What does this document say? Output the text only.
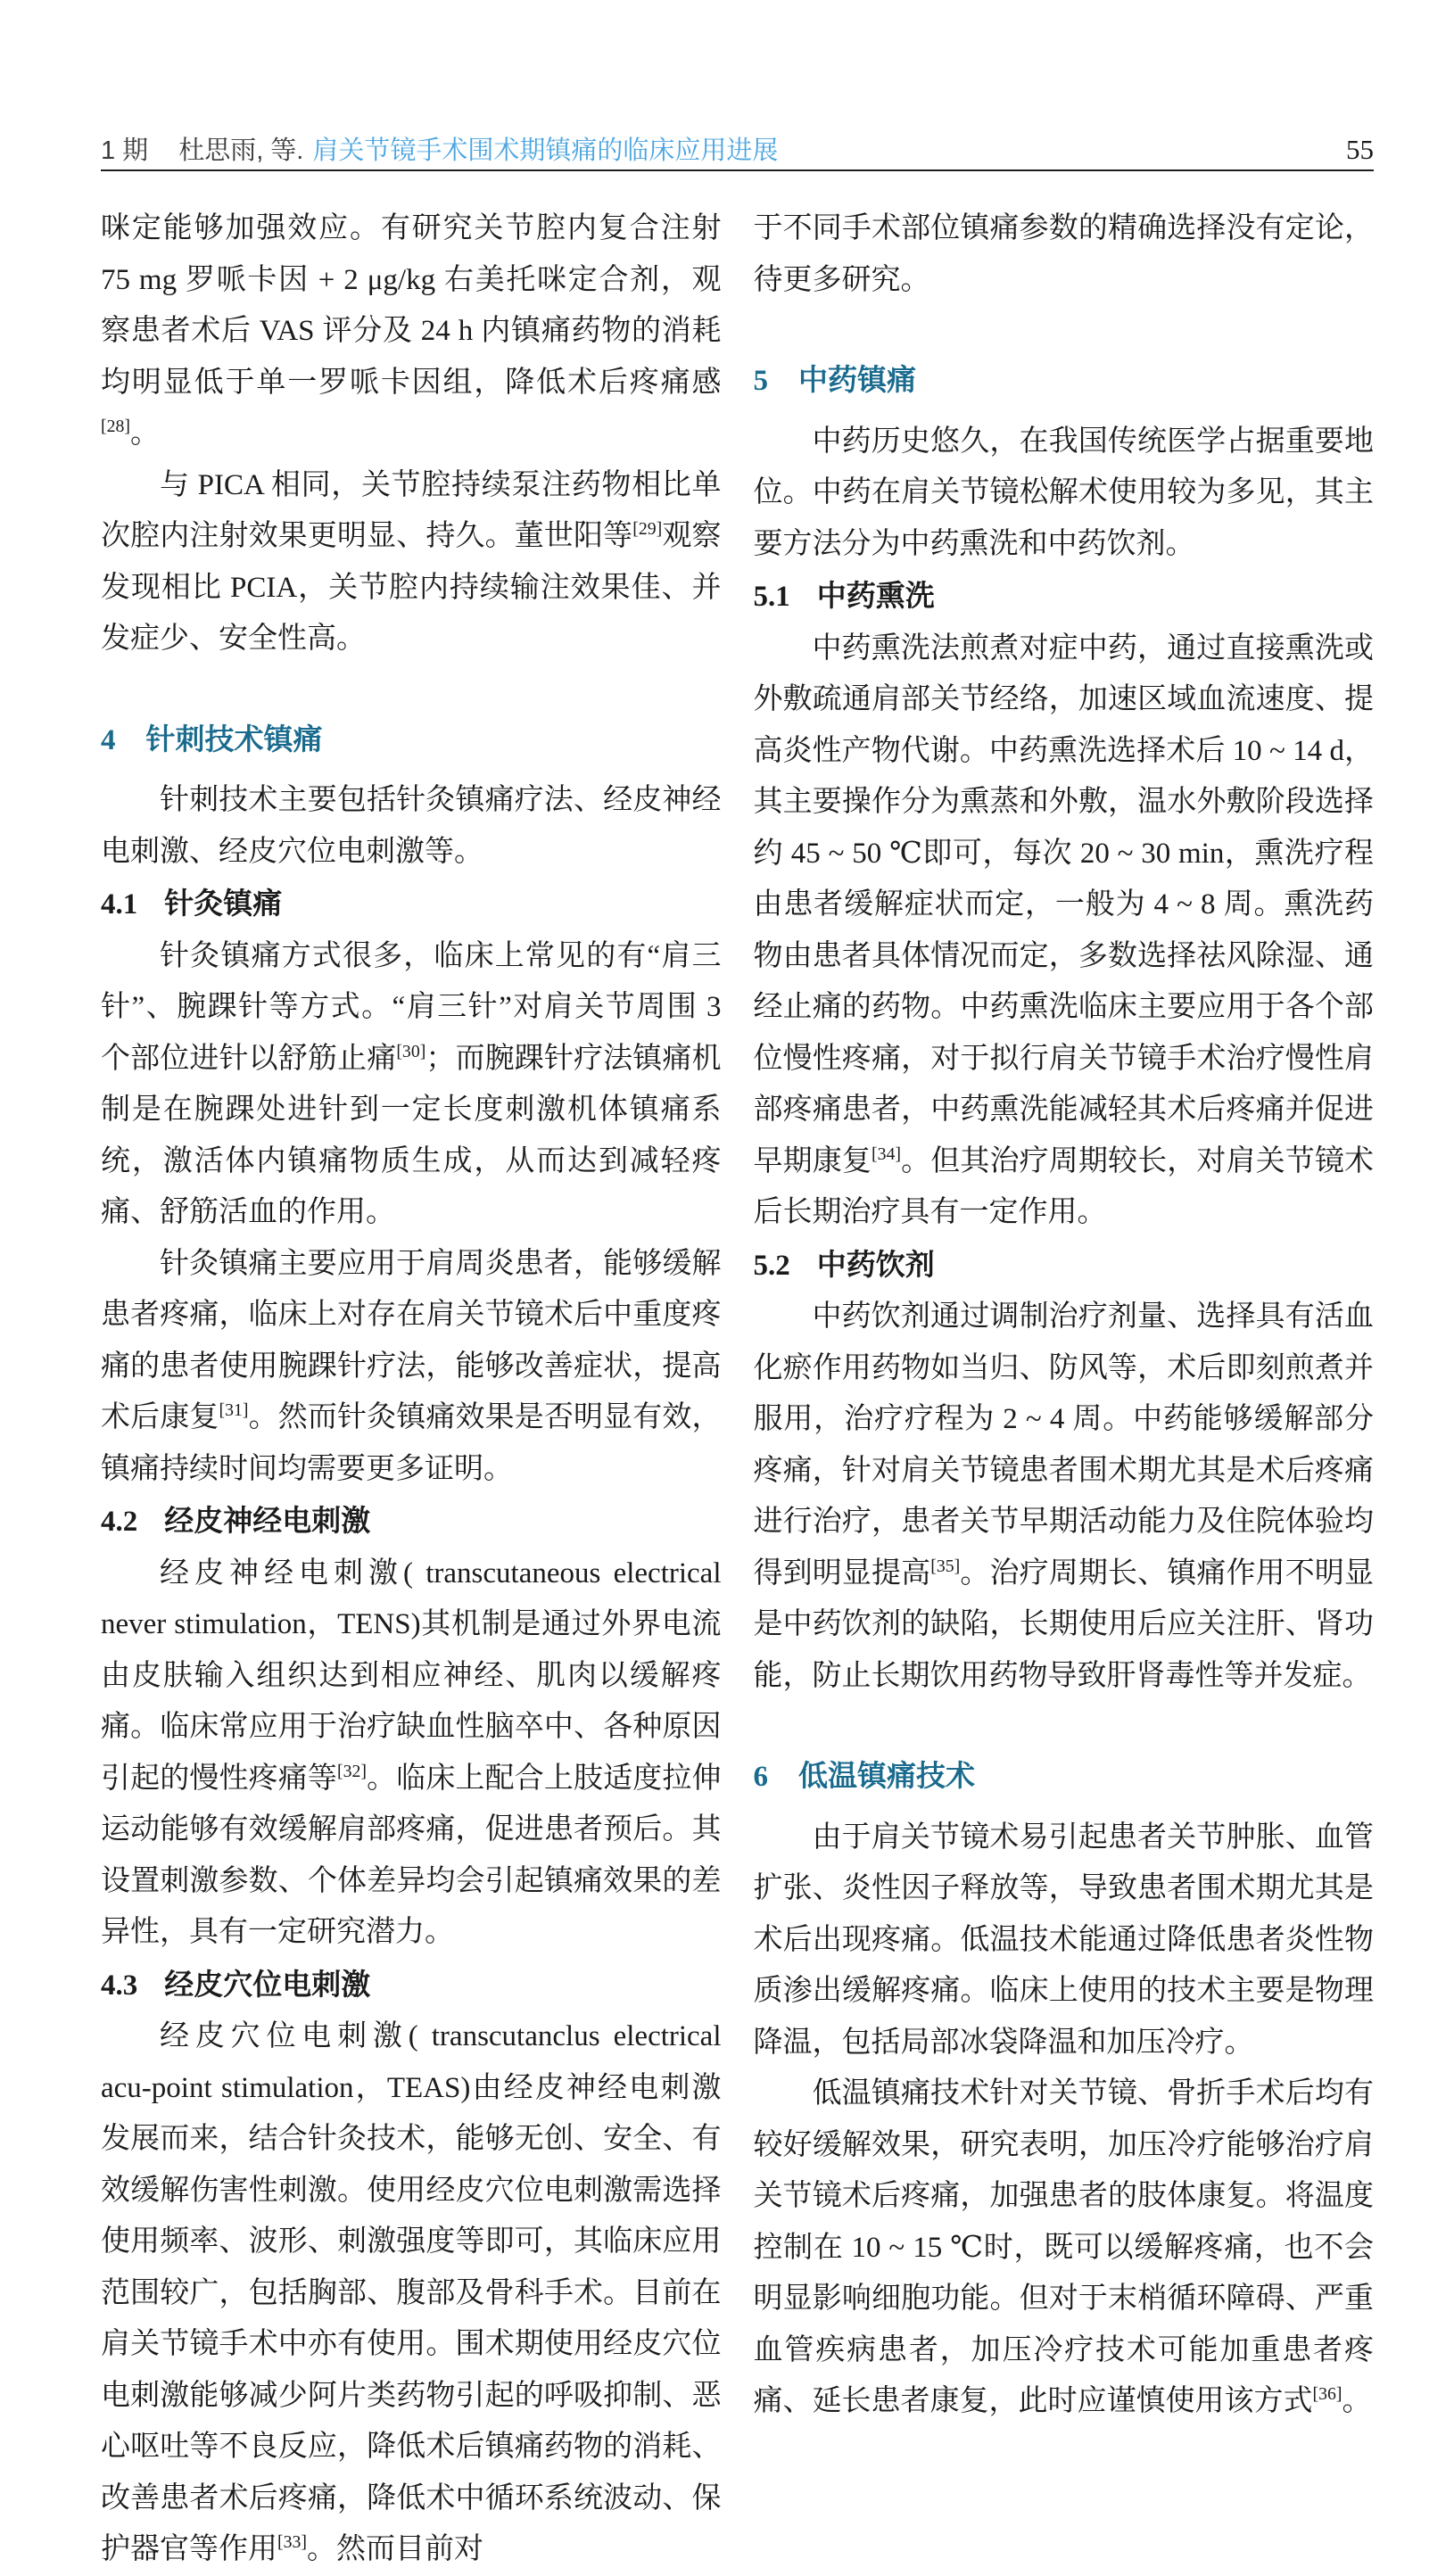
1 期 杜思雨, 等. 肩关节镜手术围术期镇痛的临床应用进展	55

咪定能够加强效应。有研究关节腔内复合注射 75 mg 罗哌卡因 + 2 μg/kg 右美托咪定合剂，观察患者术后 VAS 评分及 24 h 内镇痛药物的消耗均明显低于单一罗哌卡因组，降低术后疼痛感[28]。

与 PICA 相同，关节腔持续泵注药物相比单次腔内注射效果更明显、持久。董世阳等[29]观察发现相比 PCIA，关节腔内持续输注效果佳、并发症少、安全性高。

4 针刺技术镇痛

针刺技术主要包括针灸镇痛疗法、经皮神经电刺激、经皮穴位电刺激等。

4.1 针灸镇痛

针灸镇痛方式很多，临床上常见的有“肩三针”、腕踝针等方式。“肩三针”对肩关节周围 3 个部位进针以舒筋止痛[30]；而腕踝针疗法镇痛机制是在腕踝处进针到一定长度刺激机体镇痛系统，激活体内镇痛物质生成，从而达到减轻疼痛、舒筋活血的作用。

针灸镇痛主要应用于肩周炎患者，能够缓解患者疼痛，临床上对存在肩关节镜术后中重度疼痛的患者使用腕踝针疗法，能够改善症状，提高术后康复[31]。然而针灸镇痛效果是否明显有效，镇痛持续时间均需要更多证明。

4.2 经皮神经电刺激

经皮神经电刺激( transcutaneous electrical never stimulation，TENS)其机制是通过外界电流由皮肤输入组织达到相应神经、肌肉以缓解疼痛。临床常应用于治疗缺血性脑卒中、各种原因引起的慢性疼痛等[32]。临床上配合上肢适度拉伸运动能够有效缓解肩部疼痛，促进患者预后。其设置刺激参数、个体差异均会引起镇痛效果的差异性，具有一定研究潜力。

4.3 经皮穴位电刺激

经皮穴位电刺激( transcutanclus electrical acu-point stimulation，TEAS)由经皮神经电刺激发展而来，结合针灸技术，能够无创、安全、有效缓解伤害性刺激。使用经皮穴位电刺激需选择使用频率、波形、刺激强度等即可，其临床应用范围较广，包括胸部、腹部及骨科手术。目前在肩关节镜手术中亦有使用。围术期使用经皮穴位电刺激能够减少阿片类药物引起的呼吸抑制、恶心呕吐等不良反应，降低术后镇痛药物的消耗、改善患者术后疼痛，降低术中循环系统波动、保护器官等作用[33]。然而目前对

于不同手术部位镇痛参数的精确选择没有定论，待更多研究。

5 中药镇痛

中药历史悠久，在我国传统医学占据重要地位。中药在肩关节镜松解术使用较为多见，其主要方法分为中药熏洗和中药饮剂。

5.1 中药熏洗

中药熏洗法煎煮对症中药，通过直接熏洗或外敷疏通肩部关节经络，加速区域血流速度、提高炎性产物代谢。中药熏洗选择术后 10 ~ 14 d，其主要操作分为熏蒸和外敷，温水外敷阶段选择约 45 ~ 50 ℃即可，每次 20 ~ 30 min，熏洗疗程由患者缓解症状而定，一般为 4 ~ 8 周。熏洗药物由患者具体情况而定，多数选择祛风除湿、通经止痛的药物。中药熏洗临床主要应用于各个部位慢性疼痛，对于拟行肩关节镜手术治疗慢性肩部疼痛患者，中药熏洗能减轻其术后疼痛并促进早期康复[34]。但其治疗周期较长，对肩关节镜术后长期治疗具有一定作用。

5.2 中药饮剂

中药饮剂通过调制治疗剂量、选择具有活血化瘀作用药物如当归、防风等，术后即刻煎煮并服用，治疗疗程为 2 ~ 4 周。中药能够缓解部分疼痛，针对肩关节镜患者围术期尤其是术后疼痛进行治疗，患者关节早期活动能力及住院体验均得到明显提高[35]。治疗周期长、镇痛作用不明显是中药饮剂的缺陷，长期使用后应关注肝、肾功能，防止长期饮用药物导致肝肾毒性等并发症。

6 低温镇痛技术

由于肩关节镜术易引起患者关节肿胀、血管扩张、炎性因子释放等，导致患者围术期尤其是术后出现疼痛。低温技术能通过降低患者炎性物质渗出缓解疼痛。临床上使用的技术主要是物理降温，包括局部冰袋降温和加压冷疗。

低温镇痛技术针对关节镜、骨折手术后均有较好缓解效果，研究表明，加压冷疗能够治疗肩关节镜术后疼痛，加强患者的肢体康复。将温度控制在 10 ~ 15 ℃时，既可以缓解疼痛，也不会明显影响细胞功能。但对于末梢循环障碍、严重血管疾病患者，加压冷疗技术可能加重患者疼痛、延长患者康复，此时应谨慎使用该方式[36]。
